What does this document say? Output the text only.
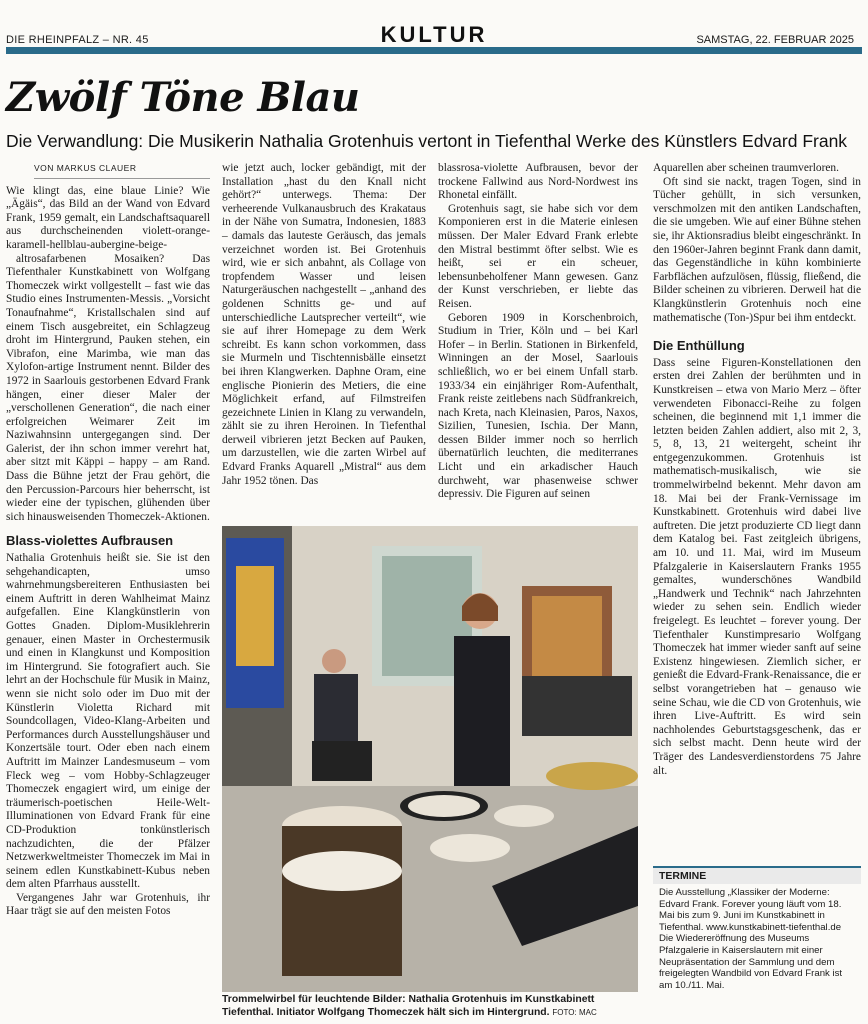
DIE RHEINPFALZ – NR. 45	KULTUR	SAMSTAG, 22. FEBRUAR 2025
Zwölf Töne Blau
Die Verwandlung: Die Musikerin Nathalia Grotenhuis vertont in Tiefenthal Werke des Künstlers Edvard Frank
VON MARKUS CLAUER

Wie klingt das, eine blaue Linie? Wie „Ägäis“, das Bild an der Wand von Edvard Frank, 1959 gemalt, ein Landschaftsaquarell aus durchscheinenden violett-orange-karamell-hellblau-aubergine-beige-

altrosafarbenen Mosaiken? Das Tiefenthaler Kunstkabinett von Wolfgang Thomeczek wirkt vollgestellt – fast wie das Studio eines Instrumenten-Messis. „Vorsicht Tonaufnahme“, Kristallschalen sind auf einem Tisch ausgebreitet, ein Schlagzeug droht im Hintergrund, Pauken stehen, ein Vibrafon, eine Marimba, wie man das Xylofon-artige Instrument nennt. Bilder des 1972 in Saarlouis gestorbenen Edvard Frank hängen, einer dieser Maler der „verschollenen Generation“, die nach einer erfolgreichen Weimarer Zeit im Naziwahnsinn untergegangen sind. Der Galerist, der ihn schon immer verehrt hat, aber sitzt mit Käppi – happy – am Rand. Dass die Bühne jetzt der Frau gehört, die den Percussion-Parcours hier beherrscht, ist wieder eine der typischen, glühenden über sich hinausweisenden Thomeczek-Aktionen.

Blass-violettes Aufbrausen

Nathalia Grotenhuis heißt sie. Sie ist den sehgehandicapten, umso wahrnehmungsbereiteren Enthusiasten bei einem Auftritt in deren Wahlheimat Mainz aufgefallen. Eine Klangkünstlerin von Gottes Gnaden. Diplom-Musiklehrerin genauer, einen Master in Orchestermusik und einen in Klangkunst und Komposition im Hintergrund. Sie fotografiert auch. Sie lehrt an der Hochschule für Musik in Mainz, wenn sie nicht solo oder im Duo mit der Künstlerin Violetta Richard mit Soundcollagen, Video-Klang-Arbeiten und Performances durch Ausstellungshäuser und Konzertsäle tourt. Oder eben nach einem Auftritt im Mainzer Landesmuseum – vom Fleck weg – vom Hobby-Schlagzeuger Thomeczek engagiert wird, um einige der träumerisch-poetischen Heile-Welt-Illuminationen von Edvard Frank für eine CD-Produktion tonkünstlerisch nachzudichten, die der Pfälzer Netzwerkweltmeister Thomeczek im Mai in seinem edlen Kunstkabinett-Kubus neben dem alten Pfarrhaus ausstellt.

Vergangenes Jahr war Grotenhuis, ihr Haar trägt sie auf den meisten Fotos

wie jetzt auch, locker gebändigt, mit der Installation „hast du den Knall nicht gehört?“ unterwegs. Thema: Der verheerende Vulkanausbruch des Krakataus in der Nähe von Sumatra, Indonesien, 1883 – damals das lauteste Geräusch, das jemals verzeichnet worden ist. Bei Grotenhuis wird, wie er sich anbahnt, als Collage von tropfendem Wasser und leisen Naturgeräuschen nachgestellt – „anhand des goldenen Schnitts ge- und auf unterschiedliche Lautsprecher verteilt“, wie sie auf ihrer Homepage zu dem Werk schreibt. Es kann schon vorkommen, dass sie Murmeln und Tischtennisbälle einsetzt bei ihren Klangwerken. Daphne Oram, eine englische Pionierin des Metiers, die eine Möglichkeit erfand, auf Filmstreifen gezeichnete Linien in Klang zu verwandeln, zählt sie zu ihren Heroinen. In Tiefenthal derweil vibrieren jetzt Becken auf Pauken, um darzustellen, wie die zarten Wirbel auf Edvard Franks Aquarell „Mistral“ aus dem Jahr 1952 tönen. Das

blassrosa-violette Aufbrausen, bevor der trockene Fallwind aus Nord-Nordwest ins Rhonetal einfällt.

Grotenhuis sagt, sie habe sich vor dem Komponieren erst in die Materie einlesen müssen. Der Maler Edvard Frank erlebte den Mistral bestimmt öfter selbst. Wie es heißt, sei er ein scheuer, lebensunbeholfener Mann gewesen. Ganz der Kunst verschrieben, er liebte das Reisen.

Geboren 1909 in Korschenbroich, Studium in Trier, Köln und – bei Karl Hofer – in Berlin. Stationen in Birkenfeld, Winningen an der Mosel, Saarlouis schließlich, wo er bei einem Unfall starb. 1933/34 ein einjähriger Rom-Aufenthalt, Frank reiste zeitlebens nach Südfrankreich, nach Kreta, nach Kleinasien, Paros, Naxos, Sizilien, Tunesien, Ischia. Der Mann, dessen Bilder immer noch so herrlich übernatürlich leuchten, die mediterranes Licht und ein arkadischer Hauch durchweht, war phasenweise schwer depressiv. Die Figuren auf seinen

Aquarellen aber scheinen traumverloren.

Oft sind sie nackt, tragen Togen, sind in Tücher gehüllt, in sich versunken, verschmolzen mit den antiken Landschaften, die sie umgeben. Wie auf einer Bühne stehen sie, ihr Aktionsradius bleibt eingeschränkt. In den 1960er-Jahren beginnt Frank dann damit, das Gegenständliche in kühn kombinierte Farbflächen aufzulösen, flüssig, fließend, die Bilder scheinen zu vibrieren. Derweil hat die Klangkünstlerin Grotenhuis noch eine mathematische (Ton-)Spur bei ihm entdeckt.

Die Enthüllung

Dass seine Figuren-Konstellationen den ersten drei Zahlen der berühmten und in Kunstkreisen – etwa von Mario Merz – öfter verwendeten Fibonacci-Reihe zu folgen scheinen, die beginnend mit 1,1 immer die letzten beiden Zahlen addiert, also mit 2, 3, 5, 8, 13, 21 weitergeht, scheint ihr entgegenzukommen. Grotenhuis ist mathematisch-musikalisch, wie sie trommelwirbelnd bekennt. Mehr davon am 18. Mai bei der Frank-Vernissage im Kunstkabinett. Grotenhuis wird dabei live auftreten. Die jetzt produzierte CD liegt dann dem Katalog bei. Fast zeitgleich übrigens, am 10. und 11. Mai, wird im Museum Pfalzgalerie in Kaiserslautern Franks 1955 gemaltes, wunderschönes Wandbild „Handwerk und Technik“ nach Jahrzehnten wieder zu sehen sein. Endlich wieder freigelegt. Es leuchtet – forever young. Der Tiefenthaler Kunstimpresario Wolfgang Thomeczek hat immer wieder sanft auf seine Existenz hingewiesen. Ziemlich sicher, er genießt die Edvard-Frank-Renaissance, die er selbst vorangetrieben hat – genauso wie seine Schau, wie die CD von Grotenhuis, wie ihren Live-Auftritt. Es wird sein nachholendes Geburtstagsgeschenk, das er sich selbst macht. Denn heute wird der Träger des Landesverdienstordens 75 Jahre alt.

Trommelwirbel für leuchtende Bilder: Nathalia Grotenhuis im Kunstkabinett Tiefenthal. Initiator Wolfgang Thomeczek hält sich im Hintergrund. FOTO: MAC
TERMINE
Die Ausstellung „Klassiker der Moderne: Edvard Frank. Forever young läuft vom 18. Mai bis zum 9. Juni im Kunstkabinett in Tiefenthal. www.kunstkabinett-tiefenthal.de Die Wiedereröffnung des Museums Pfalzgalerie in Kaiserslautern mit einer Neupräsentation der Sammlung und dem freigelegten Wandbild von Edvard Frank ist am 10./11. Mai.
